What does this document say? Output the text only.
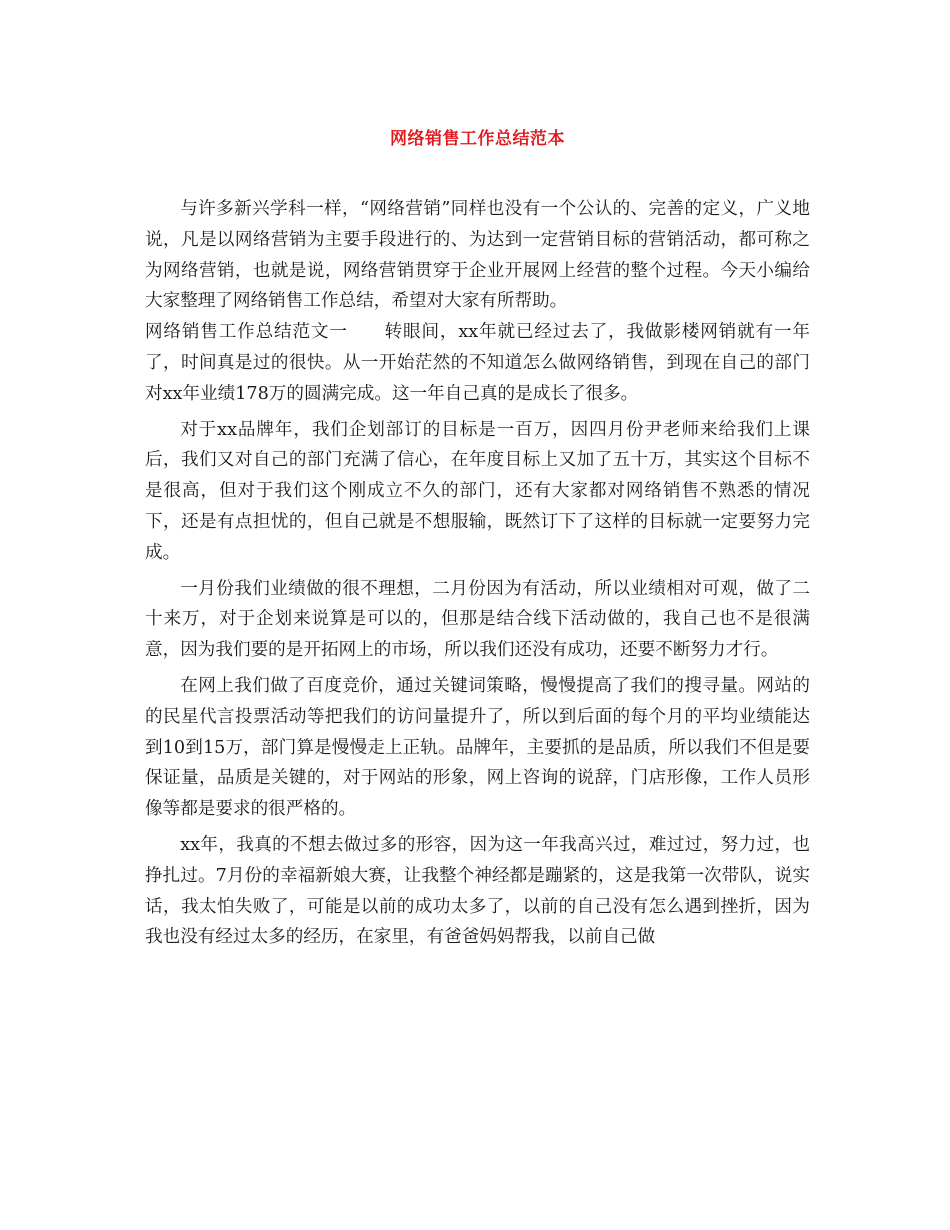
网络销售工作总结范本

与许多新兴学科一样，“网络营销”同样也没有一个公认的、完善的定义，广义地说，凡是以网络营销为主要手段进行的、为达到一定营销目标的营销活动，都可称之为网络营销，也就是说，网络营销贯穿于企业开展网上经营的整个过程。今天小编给大家整理了网络销售工作总结，希望对大家有所帮助。

网络销售工作总结范文一　　转眼间，xx年就已经过去了，我做影楼网销就有一年了，时间真是过的很快。从一开始茫然的不知道怎么做网络销售，到现在自己的部门对xx年业绩178万的圆满完成。这一年自己真的是成长了很多。

对于xx品牌年，我们企划部订的目标是一百万，因四月份尹老师来给我们上课后，我们又对自己的部门充满了信心，在年度目标上又加了五十万，其实这个目标不是很高，但对于我们这个刚成立不久的部门，还有大家都对网络销售不熟悉的情况下，还是有点担忧的，但自己就是不想服输，既然订下了这样的目标就一定要努力完成。

一月份我们业绩做的很不理想，二月份因为有活动，所以业绩相对可观，做了二十来万，对于企划来说算是可以的，但那是结合线下活动做的，我自己也不是很满意，因为我们要的是开拓网上的市场，所以我们还没有成功，还要不断努力才行。

在网上我们做了百度竞价，通过关键词策略，慢慢提高了我们的搜寻量。网站的的民星代言投票活动等把我们的访问量提升了，所以到后面的每个月的平均业绩能达到10到15万，部门算是慢慢走上正轨。品牌年，主要抓的是品质，所以我们不但是要保证量，品质是关键的，对于网站的形象，网上咨询的说辞，门店形像，工作人员形像等都是要求的很严格的。

xx年，我真的不想去做过多的形容，因为这一年我高兴过，难过过，努力过，也挣扎过。7月份的幸福新娘大赛，让我整个神经都是蹦紧的，这是我第一次带队，说实话，我太怕失败了，可能是以前的成功太多了，以前的自己没有怎么遇到挫折，因为我也没有经过太多的经历，在家里，有爸爸妈妈帮我，以前自己做
